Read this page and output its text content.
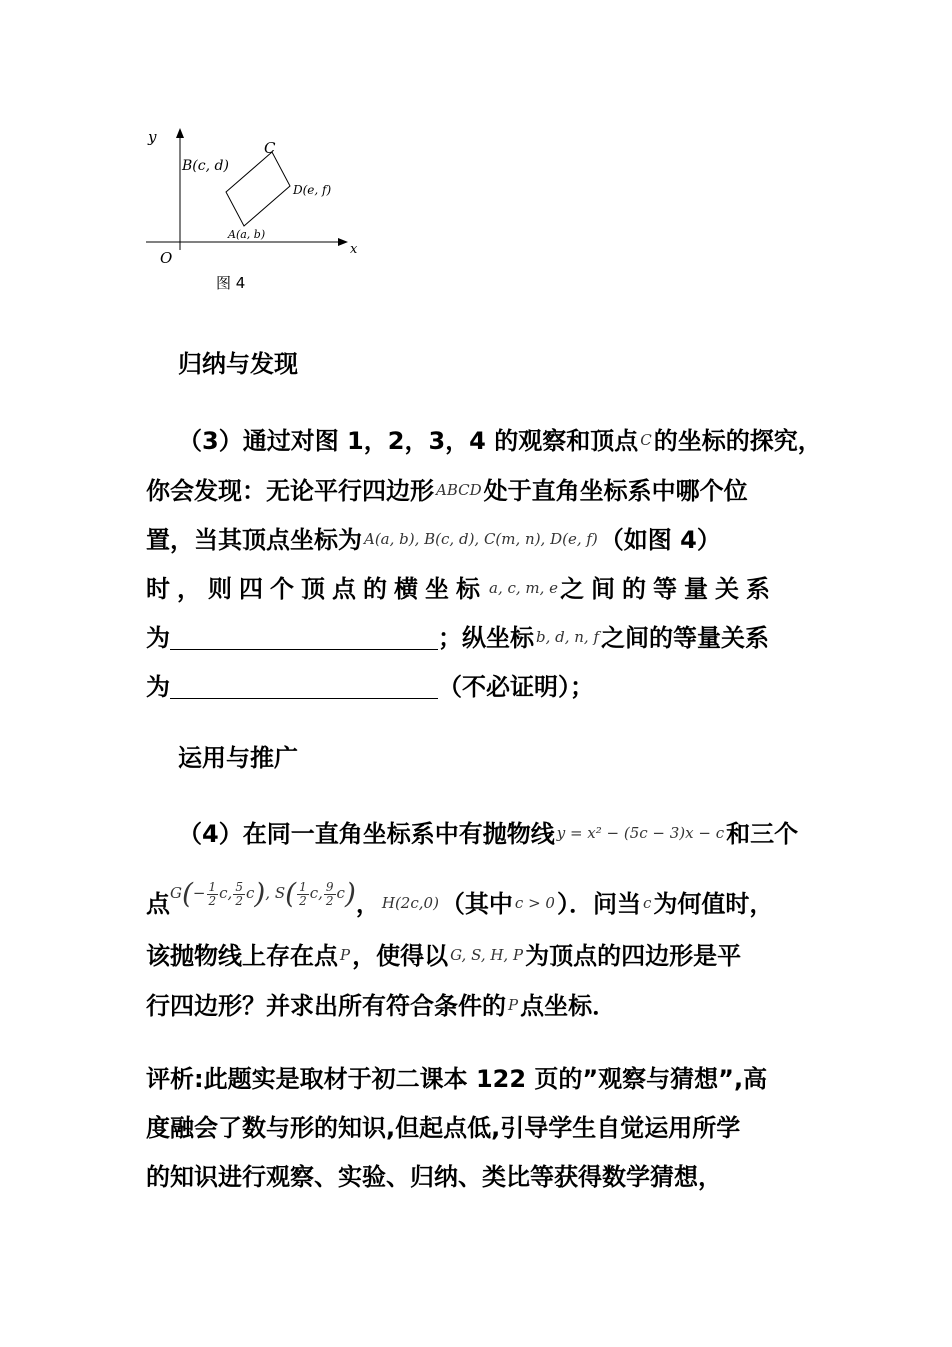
y
x
O
B(c, d)
C
D(e, f)
A(a, b)
图 4
归纳与发现
（3）通过对图 1，2，3，4 的观察和顶点 C的坐标的探究，
你会发现：无论平行四边形 ABCD处于直角坐标系中哪个位
置，当其顶点坐标为 A(a, b), B(c, d), C(m, n), D(e, f)（如图 4）
时，则四个顶点的横坐标 a, c, m, e之间的等量关系
为	；纵坐标 b, d, n, f之间的等量关系
为	（不必证明）；
运用与推广
（4）在同一直角坐标系中有抛物线 y = x² − (5c − 3)x − c和三个
点$G(- \frac{1}{2} c$, $\frac{5}{2} c$), $S( \frac{1}{2} c$, $\frac{9}{2} c$)， H(2c,0)（其中 c > 0）．问当 c为何值时，
该抛物线上存在点 P，使得以 G, S, H, P为顶点的四边形是平
行四边形？并求出所有符合条件的 P点坐标．
评析:此题实是取材于初二课本 122 页的”观察与猜想”,高
度融会了数与形的知识,但起点低,引导学生自觉运用所学
的知识进行观察、实验、归纳、类比等获得数学猜想，
